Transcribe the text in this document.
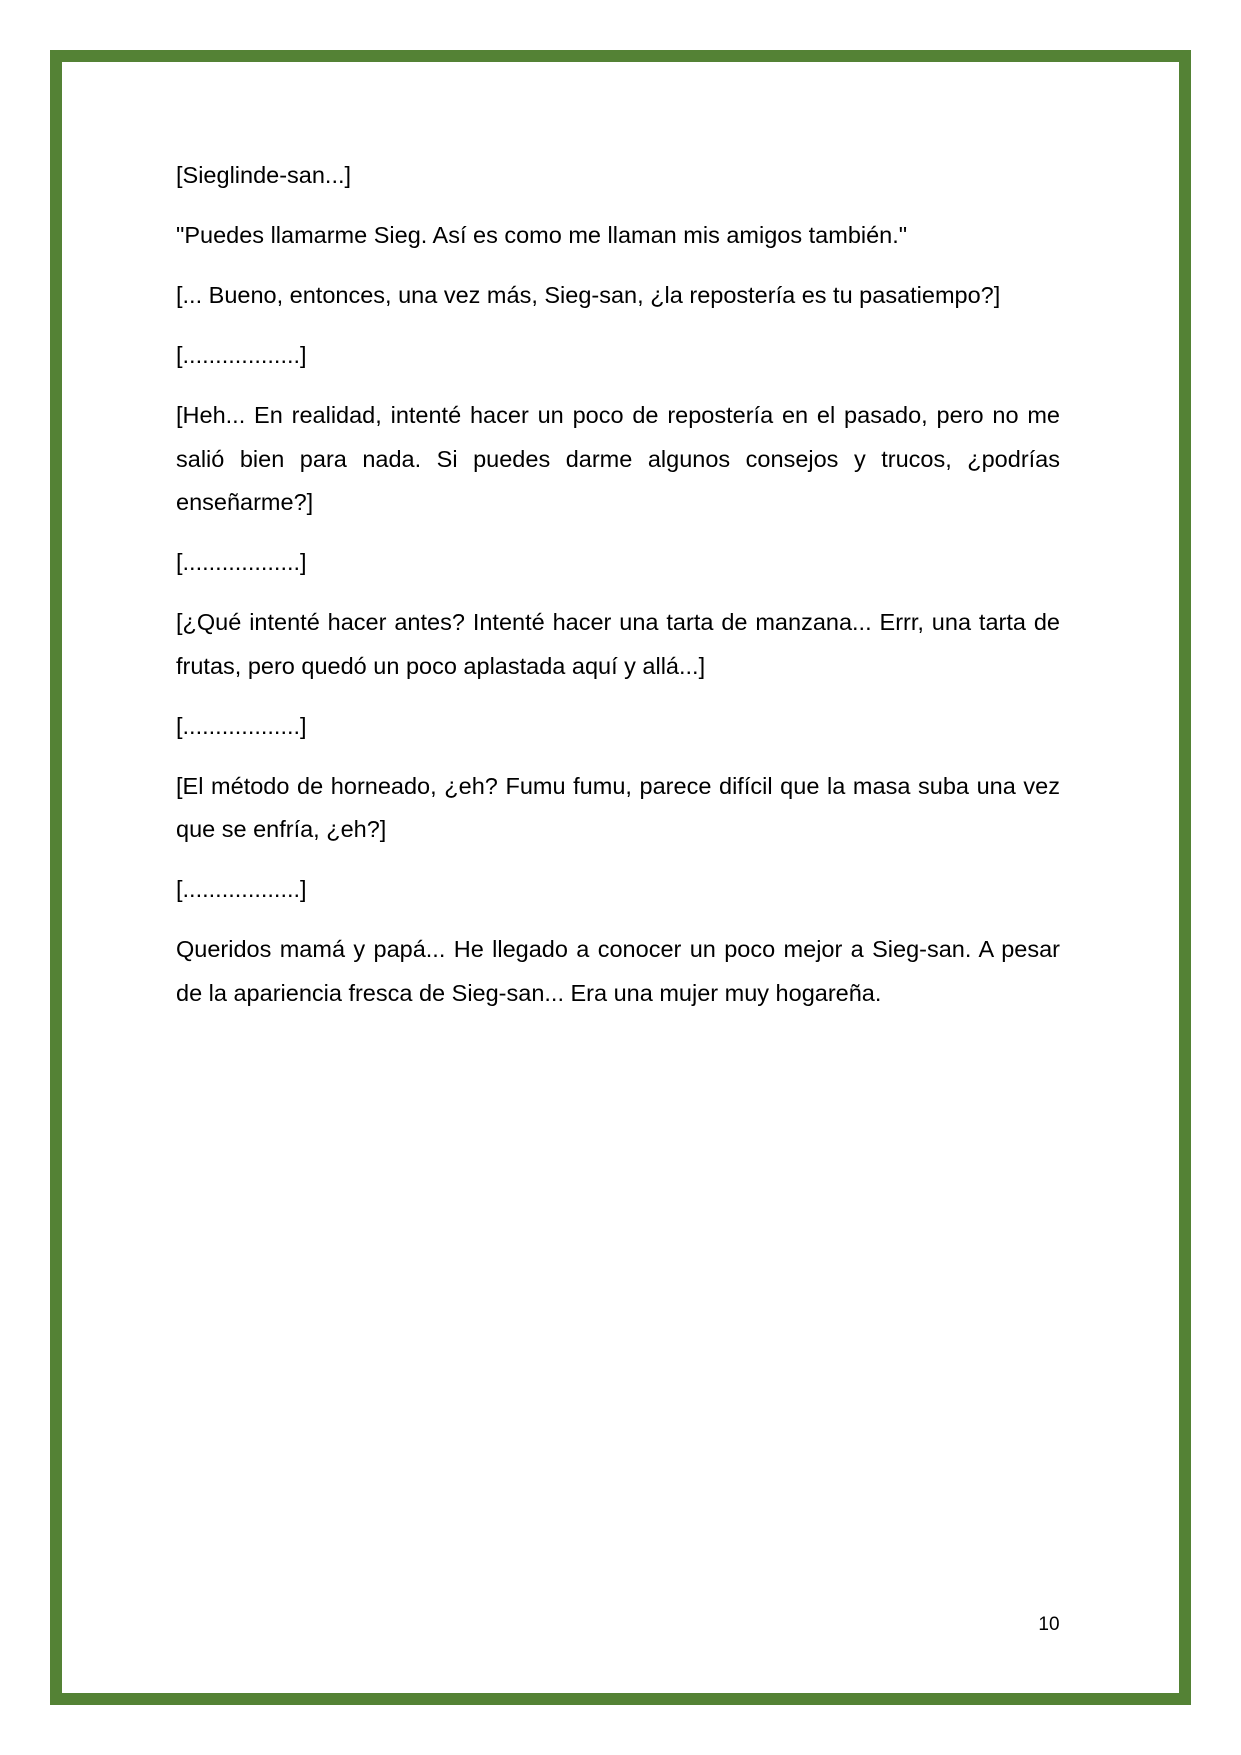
[Sieglinde-san...]

"Puedes llamarme Sieg. Así es como me llaman mis amigos también."

[... Bueno, entonces, una vez más, Sieg-san, ¿la repostería es tu pasatiempo?]

[..................]

[Heh... En realidad, intenté hacer un poco de repostería en el pasado, pero no me salió bien para nada. Si puedes darme algunos consejos y trucos, ¿podrías enseñarme?]

[..................]

[¿Qué intenté hacer antes? Intenté hacer una tarta de manzana... Errr, una tarta de frutas, pero quedó un poco aplastada aquí y allá...]

[..................]

[El método de horneado, ¿eh? Fumu fumu, parece difícil que la masa suba una vez que se enfría, ¿eh?]

[..................]

Queridos mamá y papá... He llegado a conocer un poco mejor a Sieg-san. A pesar de la apariencia fresca de Sieg-san... Era una mujer muy hogareña.

10
